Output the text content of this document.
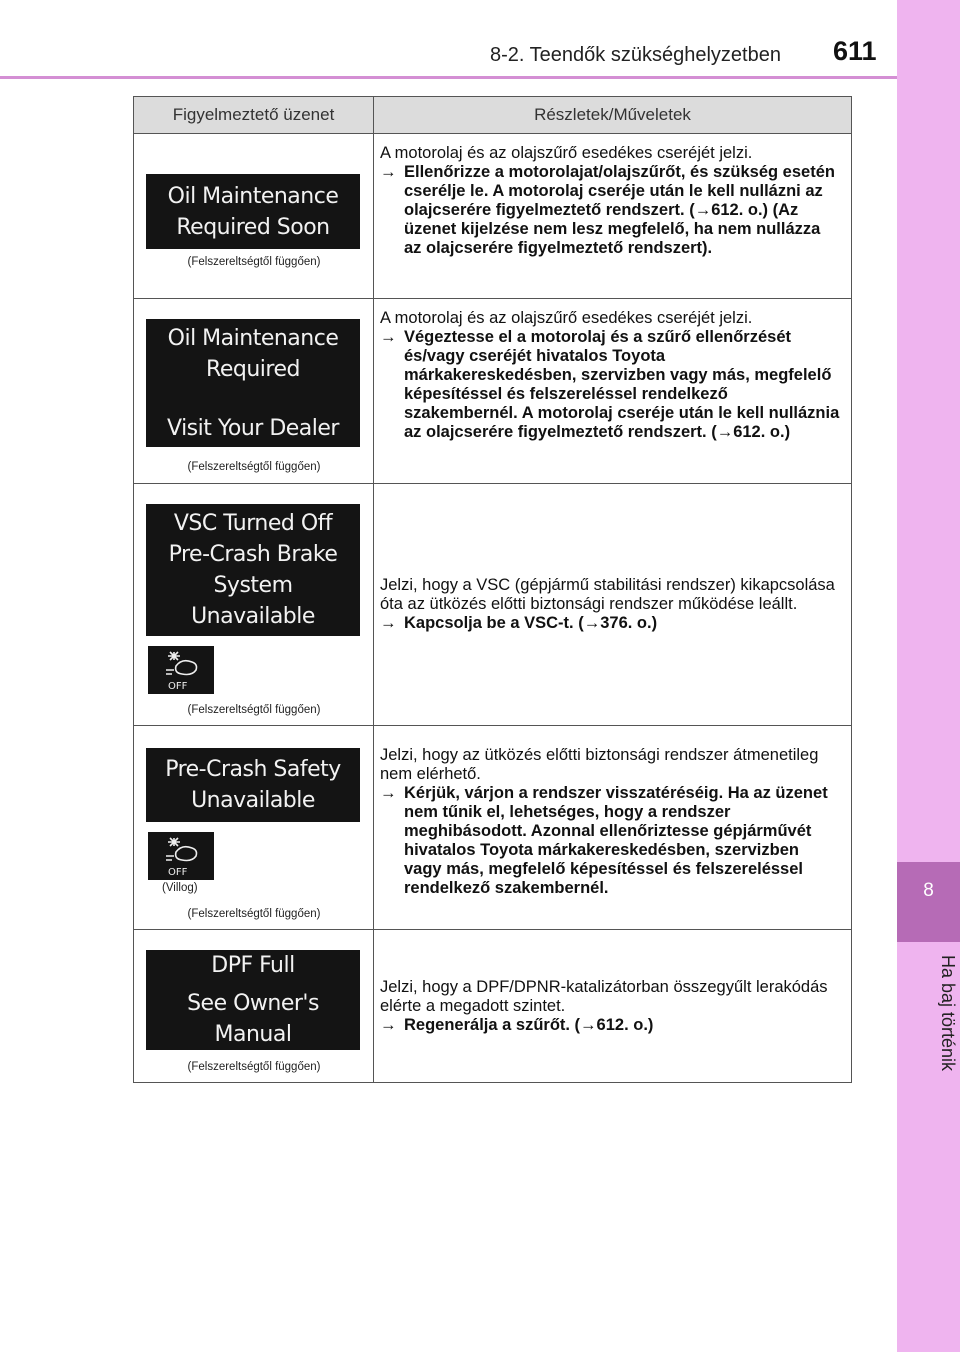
8-2. Teendők szükséghelyzetben 611
8
Ha baj történik
Figyelmeztető üzenet	Részletek/Műveletek
Oil Maintenance
Required Soon
(Felszereltségtől függően)

A motorolaj és az olajszűrő esedékes cseréjét jelzi.

→ Ellenőrizze a motorolajat/olajszűrőt, és szükség esetén cserélje le. A motorolaj cseréje után le kell nullázni az olajcserére figyelmeztető rendszert. (→612. o.) (Az üzenet kijelzése nem lesz megfelelő, ha nem nullázza az olajcserére figyelmeztető rendszert).

Oil Maintenance
Required
Visit Your Dealer
(Felszereltségtől függően)

A motorolaj és az olajszűrő esedékes cseréjét jelzi.

→ Végeztesse el a motorolaj és a szűrő ellenőrzését és/vagy cseréjét hivatalos Toyota márkakereskedésben, szervizben vagy más, megfelelő képesítéssel és felszereléssel rendelkező szakembernél. A motorolaj cseréje után le kell nulláznia az olajcserére figyelmeztető rendszert. (→612. o.)

VSC Turned Off
Pre-Crash Brake
System
Unavailable
OFF
(Felszereltségtől függően)

Jelzi, hogy a VSC (gépjármű stabilitási rendszer) kikapcsolása óta az ütközés előtti biztonsági rendszer működése leállt.

→ Kapcsolja be a VSC-t. (→376. o.)

Pre-Crash Safety
Unavailable
OFF
(Villog)
(Felszereltségtől függően)

Jelzi, hogy az ütközés előtti biztonsági rendszer átmenetileg nem elérhető.

→ Kérjük, várjon a rendszer visszatéréséig. Ha az üzenet nem tűnik el, lehetséges, hogy a rendszer meghibásodott. Azonnal ellenőriztesse gépjárművét hivatalos Toyota márkakereskedésben, szervizben vagy más, megfelelő képesítéssel és felszereléssel rendelkező szakembernél.

DPF Full
See Owner's Manual
(Felszereltségtől függően)

Jelzi, hogy a DPF/DPNR-katalizátorban összegyűlt lerakódás elérte a megadott szintet.

→ Regenerálja a szűrőt. (→612. o.)
